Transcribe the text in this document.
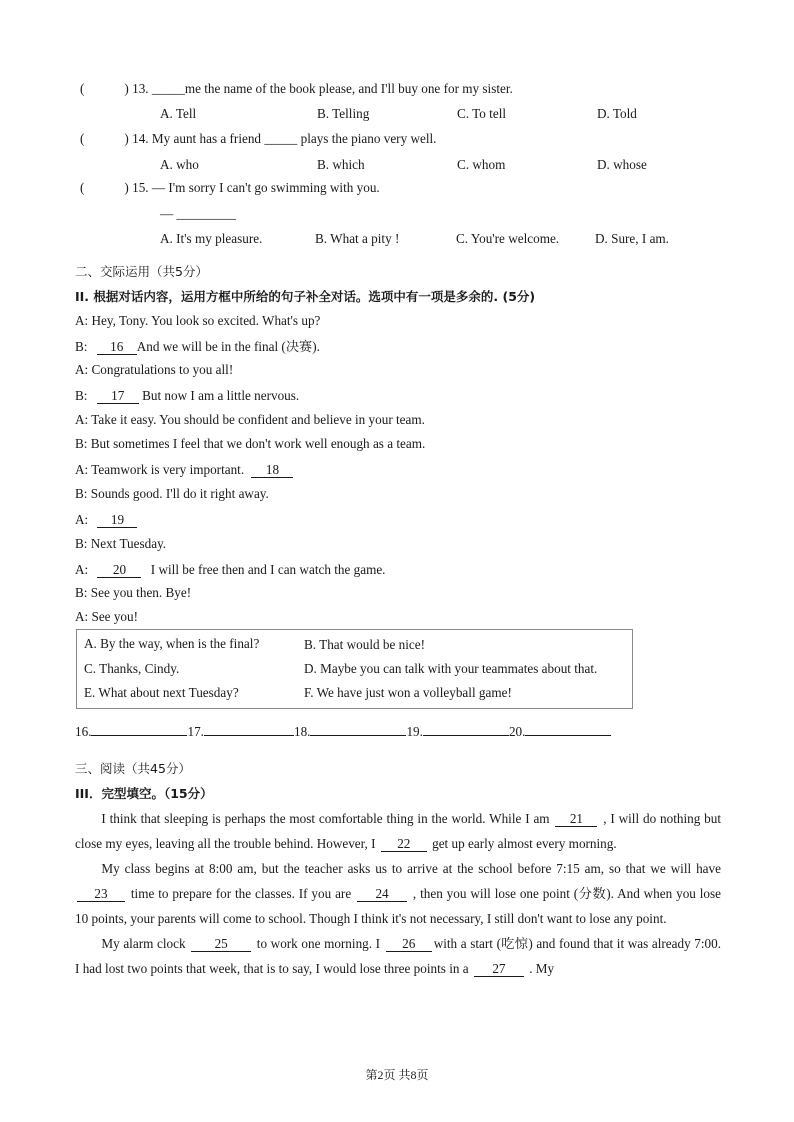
(	) 13. _____me the name of the book please, and I'll buy one for my sister.
A. Tell	B. Telling	C. To tell	D. Told
(	) 14. My aunt has a friend _____ plays the piano very well.
A. who	B. which	C. whom	D. whose
(	) 15. — I'm sorry I can't go swimming with you.
— _________
A. It's my pleasure.	B. What a pity !	C. You're welcome.	D. Sure, I am.
二、交际运用（共5分）
II. 根据对话内容，运用方框中所给的句子补全对话。选项中有一项是多余的. (5分)
A: Hey, Tony. You look so excited. What's up?
B: 16 And we will be in the final (决赛).
A: Congratulations to you all!
B: 17 But now I am a little nervous.
A: Take it easy. You should be confident and believe in your team.
B: But sometimes I feel that we don't work well enough as a team.
A: Teamwork is very important. 18
B: Sounds good. I'll do it right away.
A: 19
B: Next Tuesday.
A: 20 I will be free then and I can watch the game.
B: See you then. Bye!
A: See you!
A. By the way, when is the final?	B. That would be nice!
C. Thanks, Cindy.	D. Maybe you can talk with your teammates about that.
E. What about next Tuesday?	F. We have just won a volleyball game!
16.	17.	18.	19.	20.
三、阅读（共45分）
III．完型填空。（15分）

I think that sleeping is perhaps the most comfortable thing in the world. While I am 21 , I will do nothing but close my eyes, leaving all the trouble behind. However, I 22 get up early almost every morning.

My class begins at 8:00 am, but the teacher asks us to arrive at the school before 7:15 am, so that we will have 23 time to prepare for the classes. If you are 24 , then you will lose one point (分数). And when you lose 10 points, your parents will come to school. Though I think it's not necessary, I still don't want to lose any point.

My alarm clock 25 to work one morning. I 26 with a start (吃惊) and found that it was already 7:00. I had lost two points that week, that is to say, I would lose three points in a 27 . My

第2页 共8页
